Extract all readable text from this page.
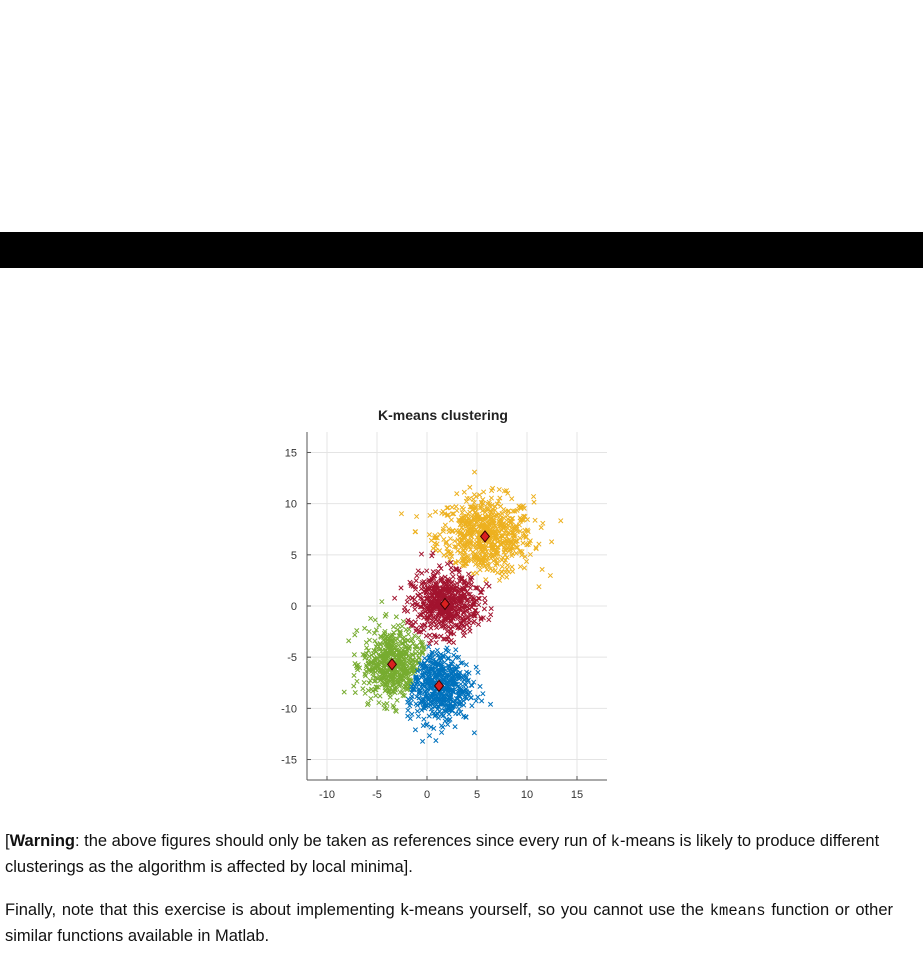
-10	-5	0	5	10	15
15
10
5
0
-5
-10
-15
K-means clustering

[Warning: the above figures should only be taken as references since every run of k-means is likely to produce different clusterings as the algorithm is affected by local minima].

Finally, note that this exercise is about implementing k-means yourself, so you cannot use the kmeans function or other similar functions available in Matlab.
